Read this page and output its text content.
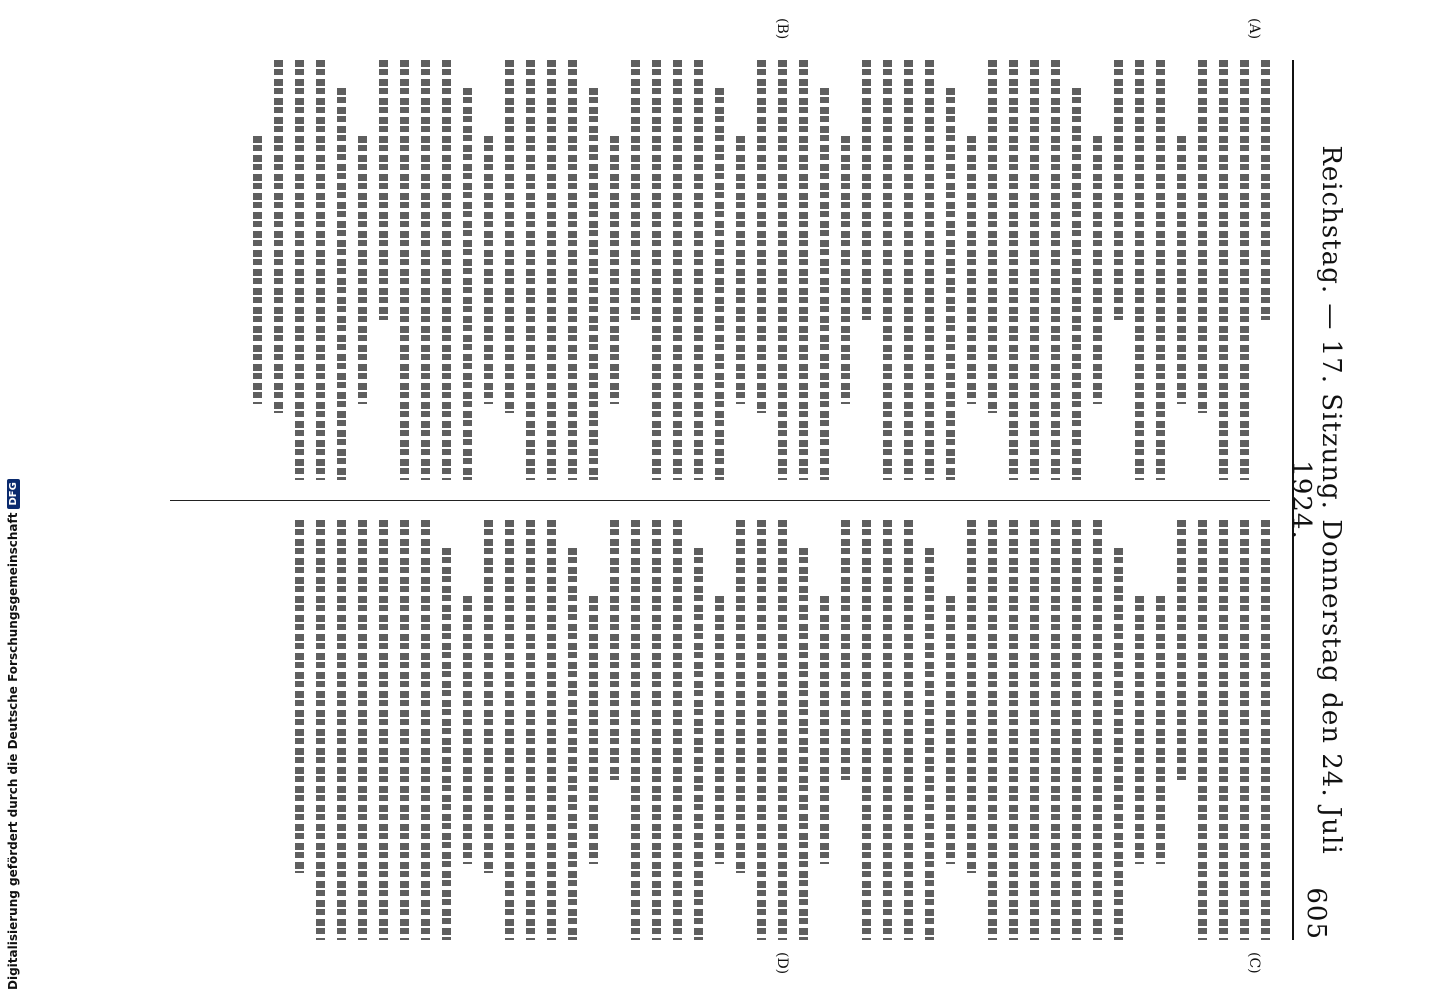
Reichstag. — 17. Sitzung. Donnerstag den 24. Juli 1924.
605
(A)
(B)
(C)
(D)
Digitalisierung gefördert durch die Deutsche Forschungsgemeinschaft
DFG
